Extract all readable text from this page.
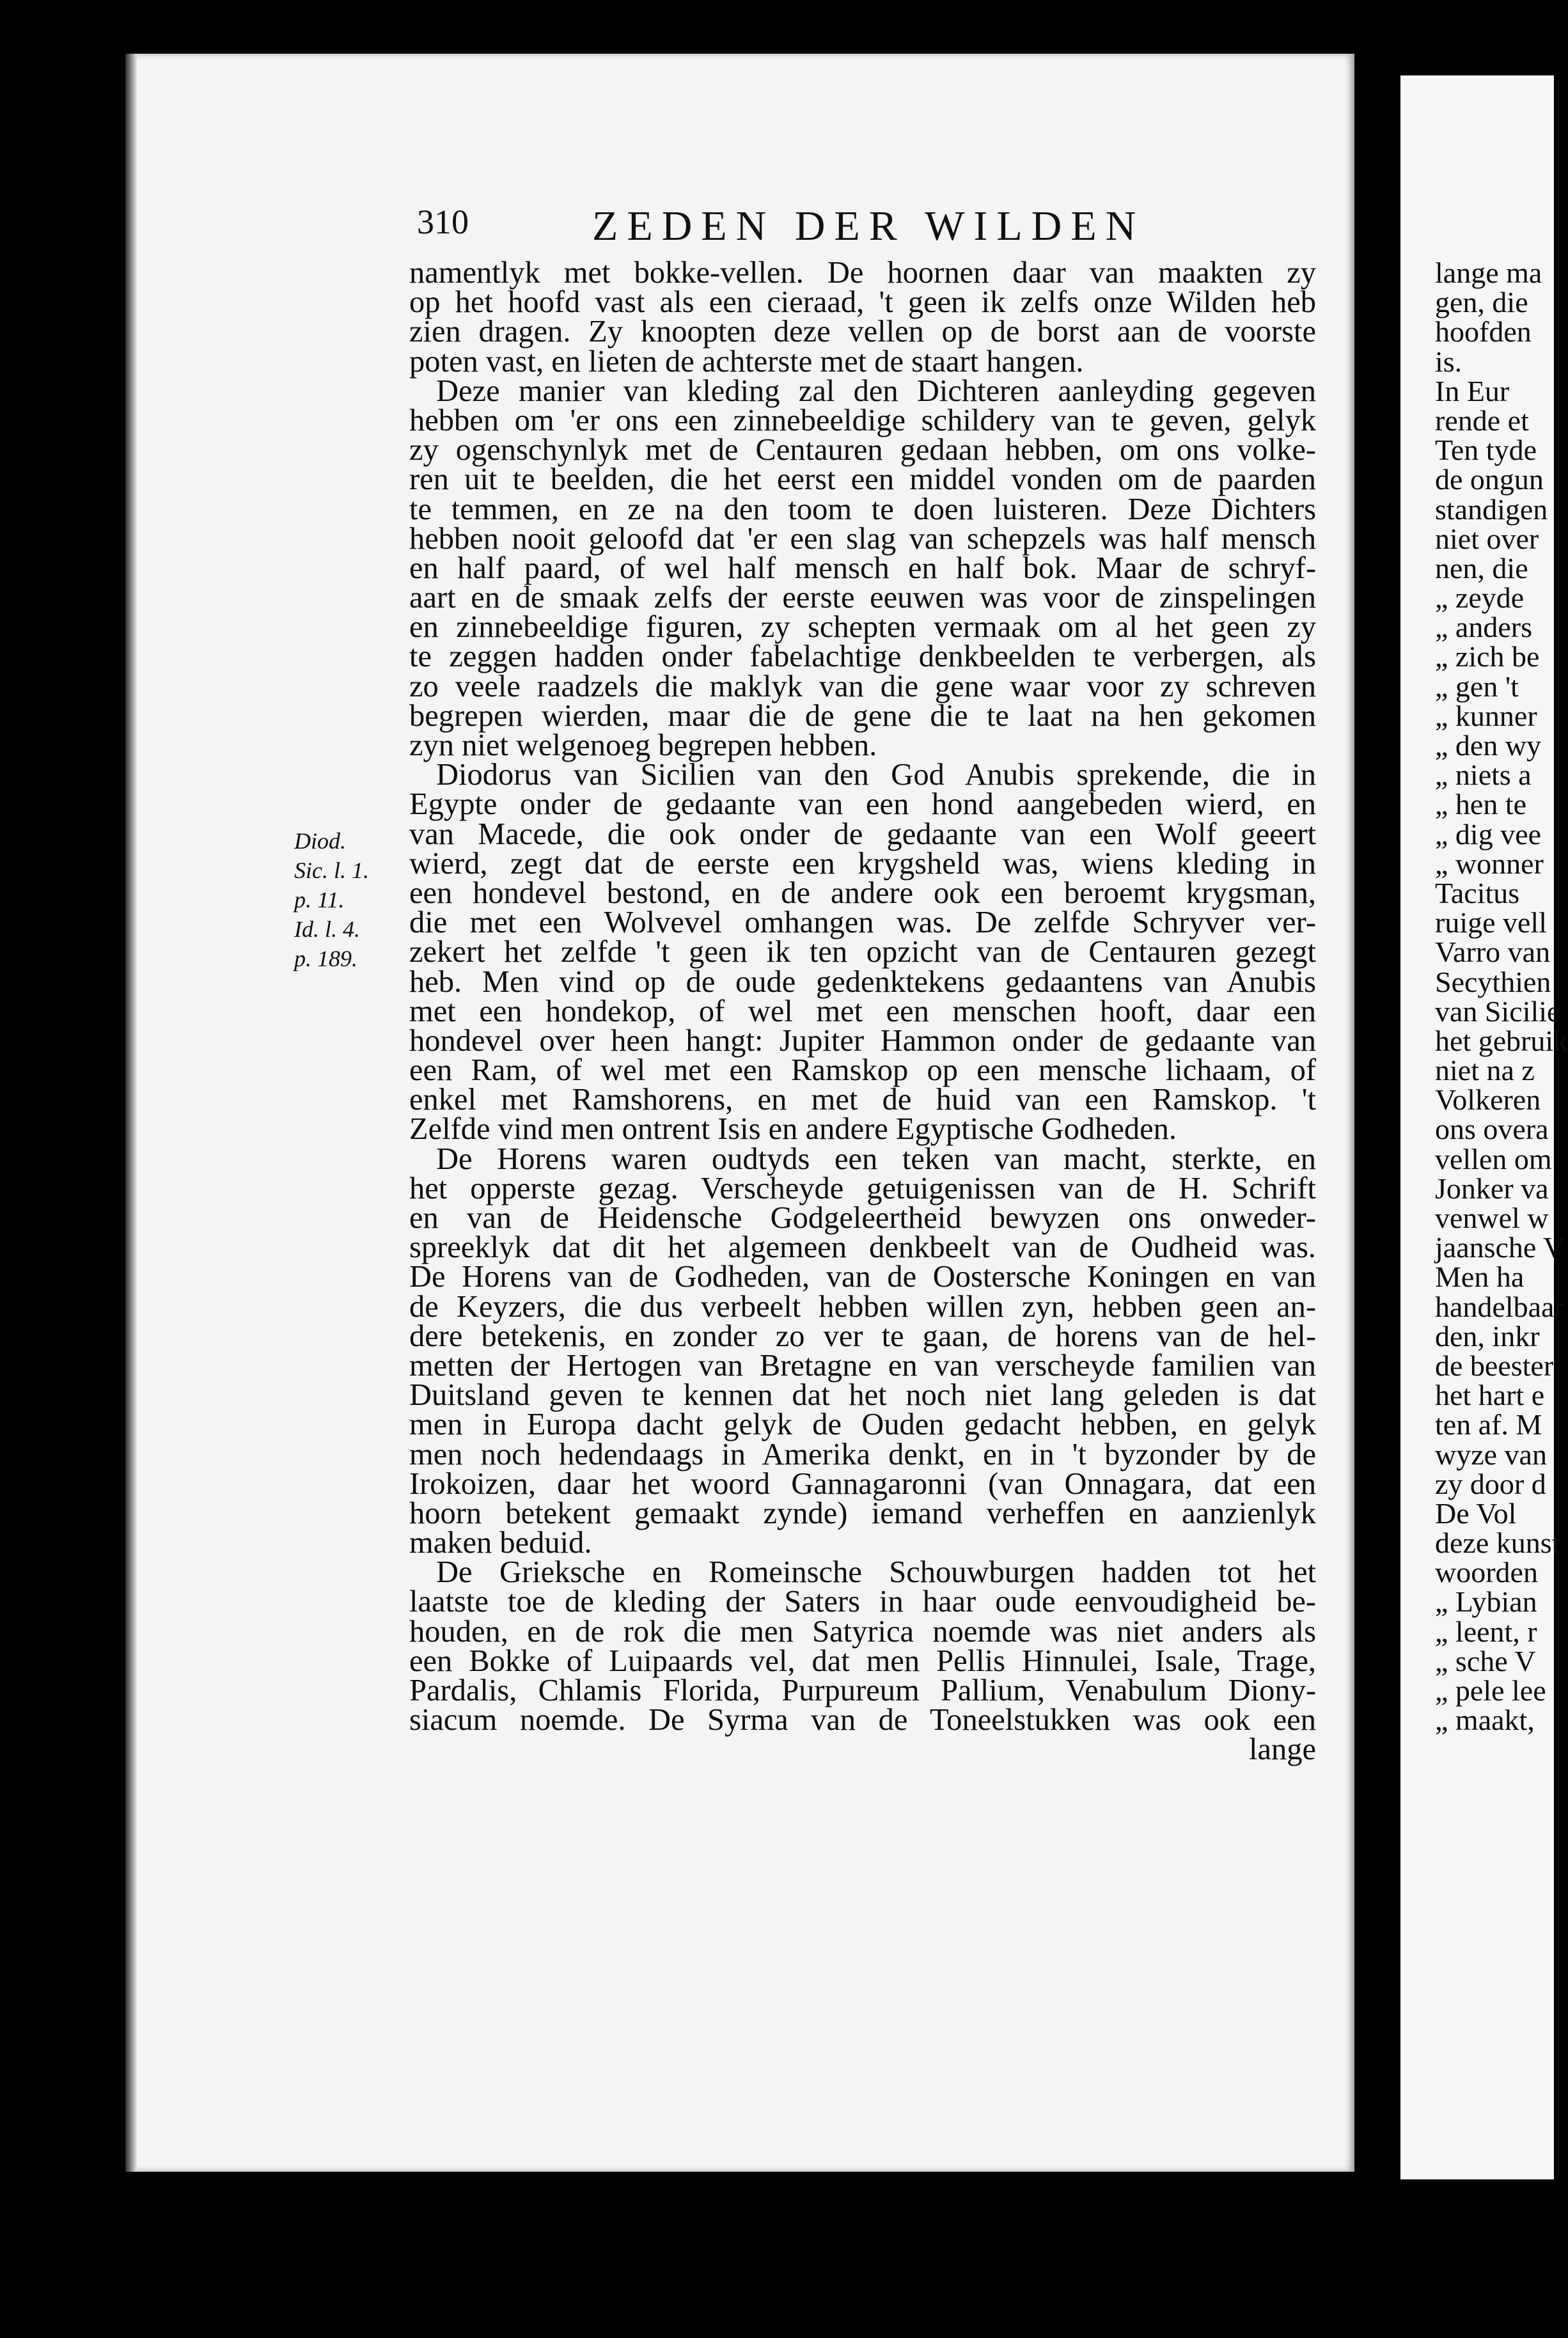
310	ZEDEN DER WILDEN
Diod.
Sic. l. 1.
p. 11.
Id. l. 4.
p. 189.
namentlyk met bokke-vellen. De hoornen daar van maakten zy
op het hoofd vast als een cieraad, 't geen ik zelfs onze Wilden heb
zien dragen. Zy knoopten deze vellen op de borst aan de voorste
poten vast, en lieten de achterste met de staart hangen.
Deze manier van kleding zal den Dichteren aanleyding gegeven
hebben om 'er ons een zinnebeeldige schildery van te geven, gelyk
zy ogenschynlyk met de Centauren gedaan hebben, om ons volke-
ren uit te beelden, die het eerst een middel vonden om de paarden
te temmen, en ze na den toom te doen luisteren. Deze Dichters
hebben nooit geloofd dat 'er een slag van schepzels was half mensch
en half paard, of wel half mensch en half bok. Maar de schryf-
aart en de smaak zelfs der eerste eeuwen was voor de zinspelingen
en zinnebeeldige figuren, zy schepten vermaak om al het geen zy
te zeggen hadden onder fabelachtige denkbeelden te verbergen, als
zo veele raadzels die maklyk van die gene waar voor zy schreven
begrepen wierden, maar die de gene die te laat na hen gekomen
zyn niet welgenoeg begrepen hebben.
Diodorus van Sicilien van den God Anubis sprekende, die in
Egypte onder de gedaante van een hond aangebeden wierd, en
van Macede, die ook onder de gedaante van een Wolf geeert
wierd, zegt dat de eerste een krygsheld was, wiens kleding in
een hondevel bestond, en de andere ook een beroemt krygsman,
die met een Wolvevel omhangen was. De zelfde Schryver ver-
zekert het zelfde 't geen ik ten opzicht van de Centauren gezegt
heb. Men vind op de oude gedenktekens gedaantens van Anubis
met een hondekop, of wel met een menschen hooft, daar een
hondevel over heen hangt: Jupiter Hammon onder de gedaante van
een Ram, of wel met een Ramskop op een mensche lichaam, of
enkel met Ramshorens, en met de huid van een Ramskop. 't
Zelfde vind men ontrent Isis en andere Egyptische Godheden.
De Horens waren oudtyds een teken van macht, sterkte, en
het opperste gezag. Verscheyde getuigenissen van de H. Schrift
en van de Heidensche Godgeleertheid bewyzen ons onweder-
spreeklyk dat dit het algemeen denkbeelt van de Oudheid was.
De Horens van de Godheden, van de Oostersche Koningen en van
de Keyzers, die dus verbeelt hebben willen zyn, hebben geen an-
dere betekenis, en zonder zo ver te gaan, de horens van de hel-
metten der Hertogen van Bretagne en van verscheyde familien van
Duitsland geven te kennen dat het noch niet lang geleden is dat
men in Europa dacht gelyk de Ouden gedacht hebben, en gelyk
men noch hedendaags in Amerika denkt, en in 't byzonder by de
Irokoizen, daar het woord Gannagaronni (van Onnagara, dat een
hoorn betekent gemaakt zynde) iemand verheffen en aanzienlyk
maken beduid.
De Grieksche en Romeinsche Schouwburgen hadden tot het
laatste toe de kleding der Saters in haar oude eenvoudigheid be-
houden, en de rok die men Satyrica noemde was niet anders als
een Bokke of Luipaards vel, dat men Pellis Hinnulei, Isale, Trage,
Pardalis, Chlamis Florida, Purpureum Pallium, Venabulum Diony-
siacum noemde. De Syrma van de Toneelstukken was ook een
lange
lange ma
gen, die
hoofden
is.
In Eur
rende et
Ten tyde
de ongun
standigen
niet over
nen, die
„ zeyde
„ anders
„ zich be
„ gen 't
„ kunner
„ den wy
„ niets a
„ hen te
„ dig vee
„ wonner
Tacitus
ruige vell
Varro van
Secythien
van Sicilie
het gebruik
niet na z
Volkeren
ons overa
vellen om
Jonker va
venwel w
jaansche V
Men ha
handelbaar
den, inkr
de beester
het hart e
ten af. M
wyze van
zy door d
De Vol
deze kunst
woorden
„ Lybian
„ leent, r
„ sche V
„ pele lee
„ maakt,
